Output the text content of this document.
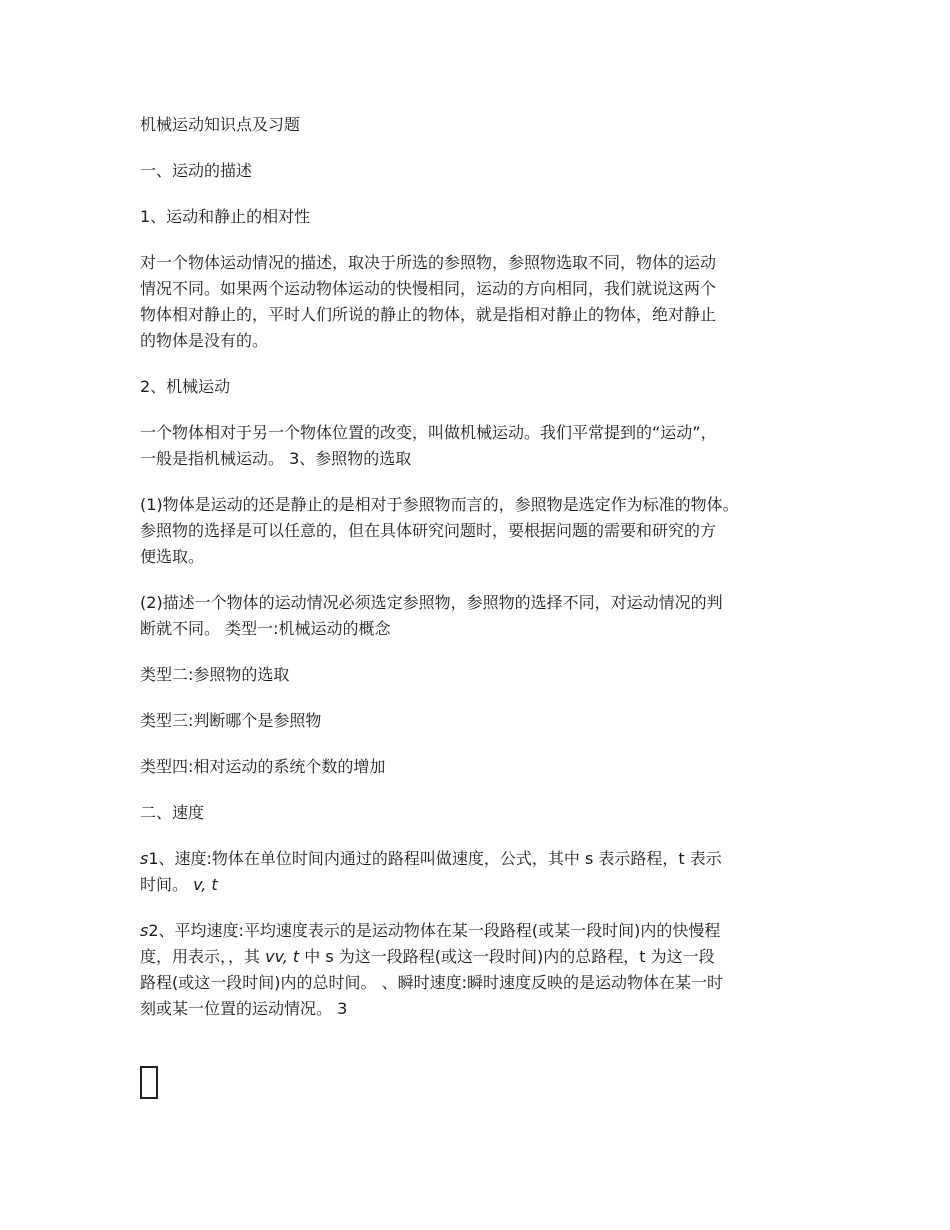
机械运动知识点及习题

一、运动的描述

1、运动和静止的相对性

对一个物体运动情况的描述，取决于所选的参照物，参照物选取不同，物体的运动
情况不同。如果两个运动物体运动的快慢相同，运动的方向相同，我们就说这两个
物体相对静止的，平时人们所说的静止的物体，就是指相对静止的物体，绝对静止
的物体是没有的。

2、机械运动

一个物体相对于另一个物体位置的改变，叫做机械运动。我们平常提到的“运动”，
一般是指机械运动。 3、参照物的选取
(1)物体是运动的还是静止的是相对于参照物而言的，参照物是选定作为标准的物体。
参照物的选择是可以任意的，但在具体研究问题时，要根据问题的需要和研究的方
便选取。
(2)描述一个物体的运动情况必须选定参照物，参照物的选择不同，对运动情况的判
断就不同。 类型一:机械运动的概念

类型二:参照物的选取

类型三:判断哪个是参照物

类型四:相对运动的系统个数的增加

二、速度

s1、速度:物体在单位时间内通过的路程叫做速度，公式，其中 s 表示路程，t 表示
时间。 v, t
s2、平均速度:平均速度表示的是运动物体在某一段路程(或某一段时间)内的快慢程
度，用表示，，其 vv, t 中 s 为这一段路程(或这一段时间)内的总路程，t 为这一段
路程(或这一段时间)内的总时间。 、瞬时速度:瞬时速度反映的是运动物体在某一时
刻或某一位置的运动情况。 3
